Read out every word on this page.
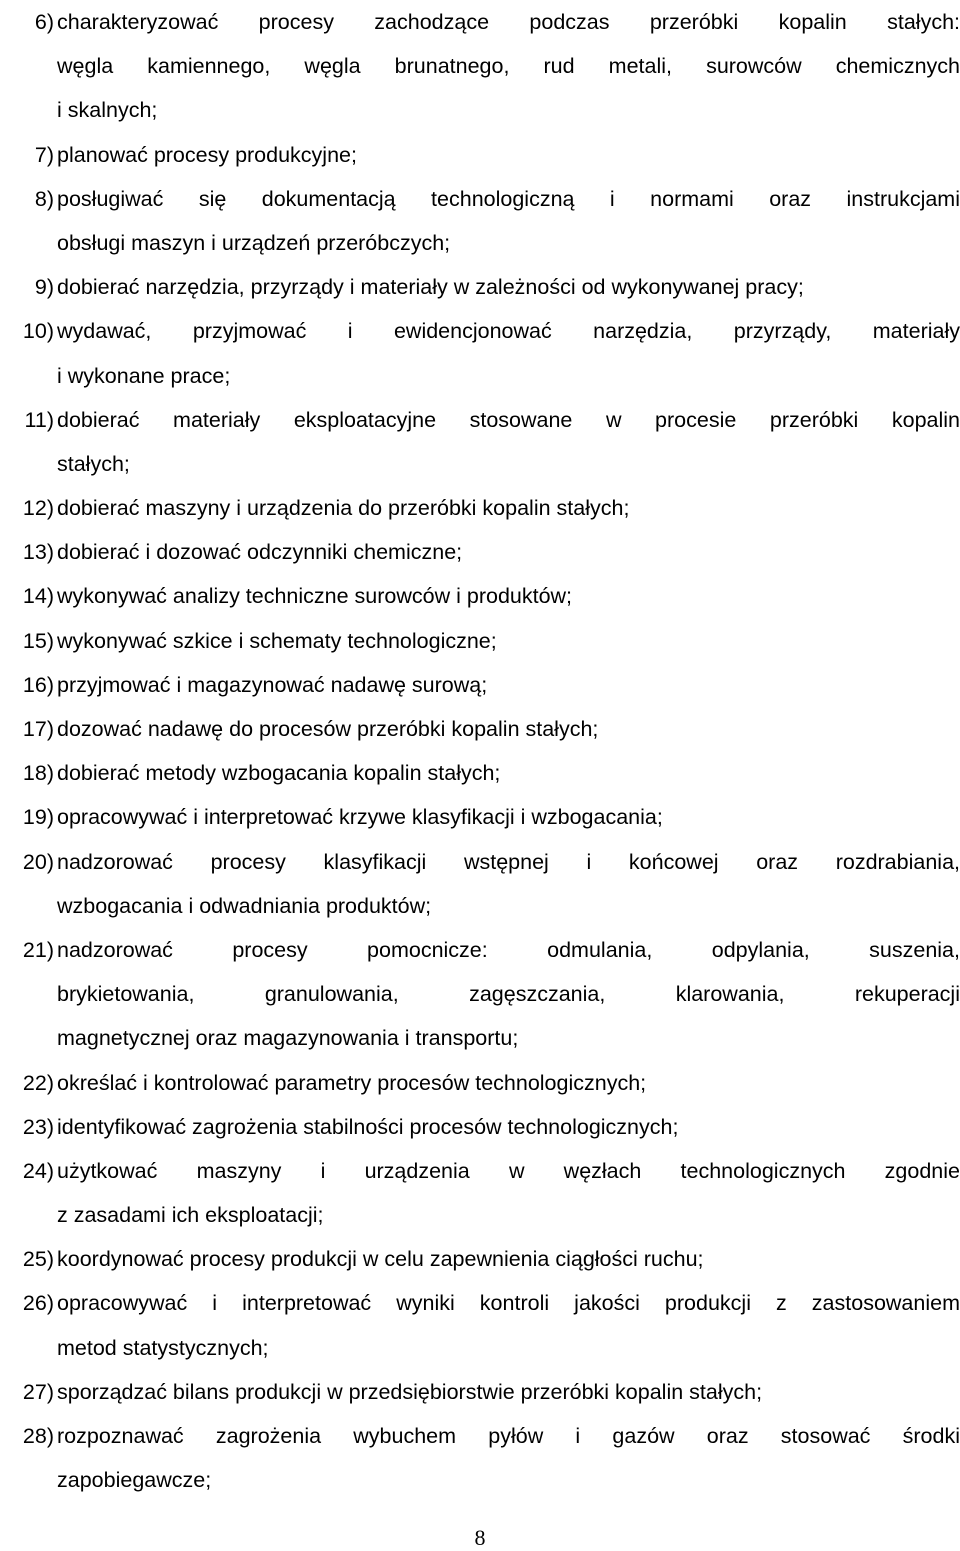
6) charakteryzować procesy zachodzące podczas przeróbki kopalin stałych:
węgla kamiennego, węgla brunatnego, rud metali, surowców chemicznych
i skalnych;
7) planować procesy produkcyjne;
8) posługiwać się dokumentacją technologiczną i normami oraz instrukcjami
obsługi maszyn i urządzeń przeróbczych;
9) dobierać narzędzia, przyrządy i materiały w zależności od wykonywanej pracy;
10) wydawać, przyjmować i ewidencjonować narzędzia, przyrządy, materiały
i wykonane prace;
11) dobierać materiały eksploatacyjne stosowane w procesie przeróbki kopalin
stałych;
12) dobierać maszyny i urządzenia do przeróbki kopalin stałych;
13) dobierać i dozować odczynniki chemiczne;
14) wykonywać analizy techniczne surowców i produktów;
15) wykonywać szkice i schematy technologiczne;
16) przyjmować i magazynować nadawę surową;
17) dozować nadawę do procesów przeróbki kopalin stałych;
18) dobierać metody wzbogacania kopalin stałych;
19) opracowywać i interpretować krzywe klasyfikacji i wzbogacania;
20) nadzorować procesy klasyfikacji wstępnej i końcowej oraz rozdrabiania,
wzbogacania i odwadniania produktów;
21) nadzorować procesy pomocnicze: odmulania, odpylania, suszenia,
brykietowania, granulowania, zagęszczania, klarowania, rekuperacji
magnetycznej oraz magazynowania i transportu;
22) określać i kontrolować parametry procesów technologicznych;
23) identyfikować zagrożenia stabilności procesów technologicznych;
24) użytkować maszyny i urządzenia w węzłach technologicznych zgodnie
z zasadami ich eksploatacji;
25) koordynować procesy produkcji w celu zapewnienia ciągłości ruchu;
26) opracowywać i interpretować wyniki kontroli jakości produkcji z zastosowaniem
metod statystycznych;
27) sporządzać bilans produkcji w przedsiębiorstwie przeróbki kopalin stałych;
28) rozpoznawać zagrożenia wybuchem pyłów i gazów oraz stosować środki
zapobiegawcze;
8
